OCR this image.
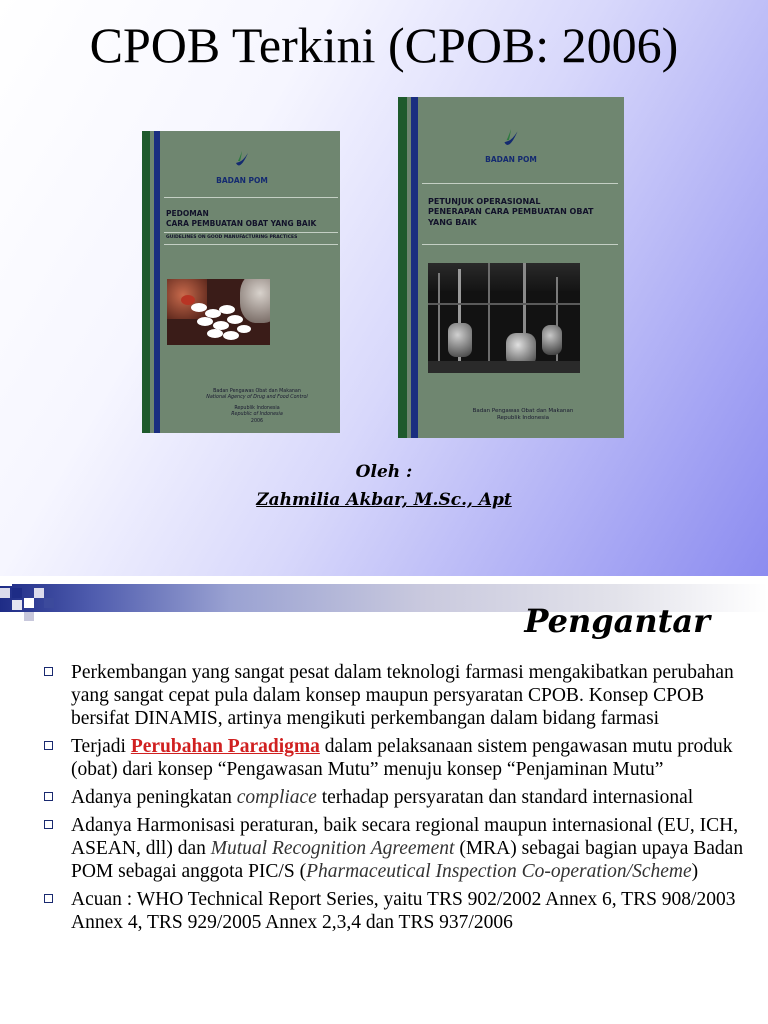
CPOB Terkini (CPOB: 2006)
BADAN POM
PEDOMAN
CARA PEMBUATAN OBAT YANG BAIK
GUIDELINES ON GOOD MANUFACTURING PRACTICES
Badan Pengawas Obat dan Makanan
National Agency of Drug and Food Control
Republik Indonesia
Republic of Indonesia
2006
BADAN POM
PETUNJUK OPERASIONAL
PENERAPAN CARA PEMBUATAN OBAT
YANG BAIK
Badan Pengawas Obat dan Makanan
Republik Indonesia
Oleh :
Zahmilia Akbar, M.Sc., Apt
Pengantar
Perkembangan yang sangat pesat dalam teknologi farmasi mengakibatkan perubahan yang sangat cepat pula dalam konsep maupun persyaratan CPOB. Konsep CPOB bersifat DINAMIS, artinya mengikuti perkembangan dalam bidang farmasi
Terjadi Perubahan Paradigma dalam pelaksanaan sistem pengawasan mutu produk (obat) dari konsep “Pengawasan Mutu” menuju konsep “Penjaminan Mutu”
Adanya peningkatan compliace terhadap persyaratan dan standard internasional
Adanya Harmonisasi peraturan, baik secara regional maupun internasional (EU, ICH, ASEAN, dll) dan Mutual Recognition Agreement (MRA) sebagai bagian upaya Badan POM sebagai anggota PIC/S (Pharmaceutical Inspection Co-operation/Scheme)
Acuan : WHO Technical Report Series, yaitu TRS 902/2002 Annex 6, TRS 908/2003 Annex 4, TRS 929/2005 Annex 2,3,4 dan TRS 937/2006
